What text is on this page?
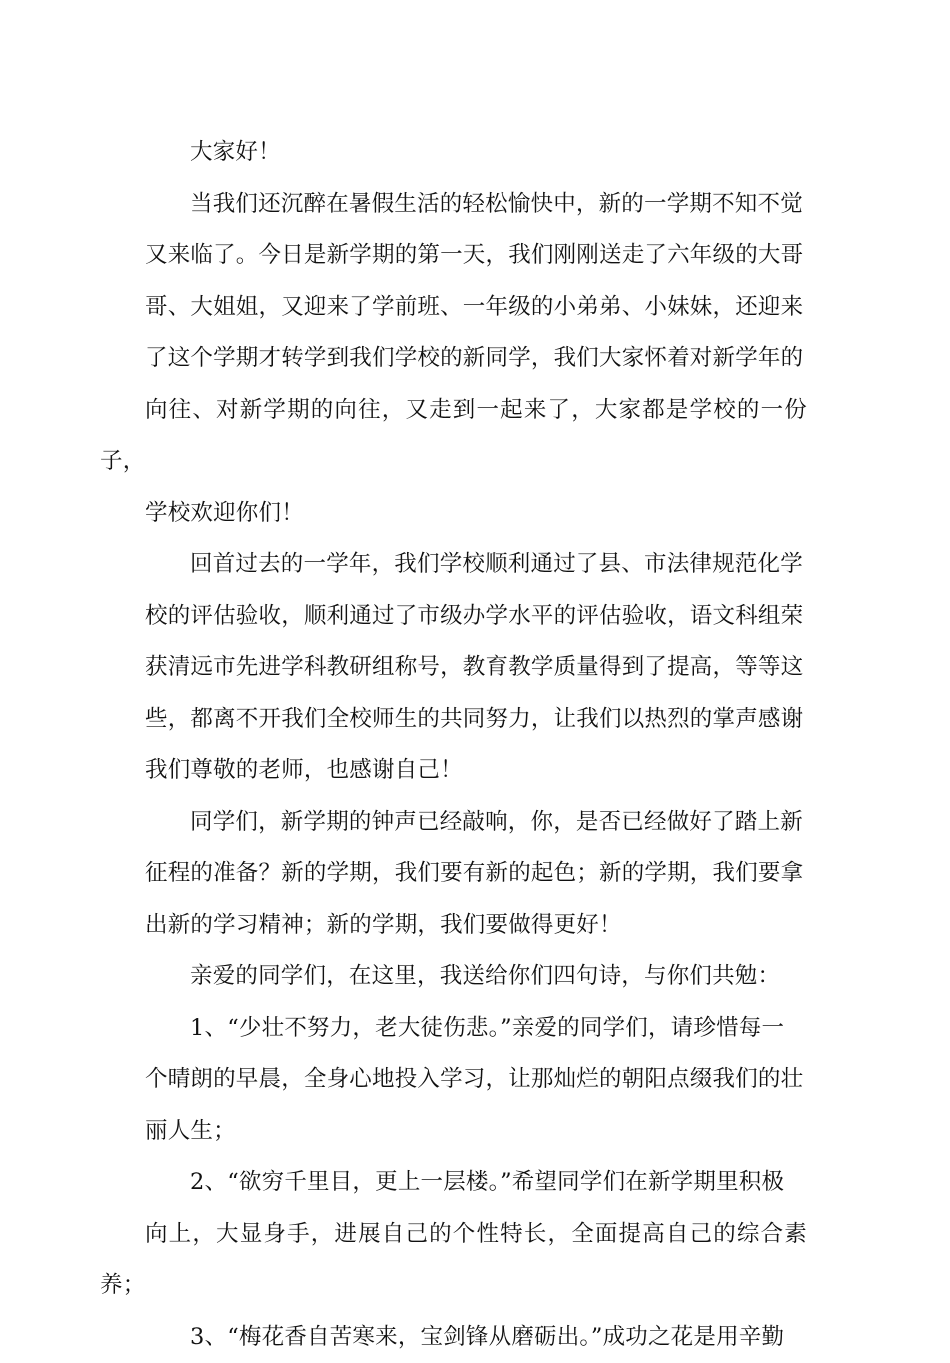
大家好！

当我们还沉醉在暑假生活的轻松愉快中，新的一学期不知不觉
又来临了。今日是新学期的第一天，我们刚刚送走了六年级的大哥
哥、大姐姐，又迎来了学前班、一年级的小弟弟、小妹妹，还迎来
了这个学期才转学到我们学校的新同学，我们大家怀着对新学年的
向往、对新学期的向往，又走到一起来了，大家都是学校的一份子，
学校欢迎你们！

回首过去的一学年，我们学校顺利通过了县、市法律规范化学
校的评估验收，顺利通过了市级办学水平的评估验收，语文科组荣
获清远市先进学科教研组称号，教育教学质量得到了提高，等等这
些，都离不开我们全校师生的共同努力，让我们以热烈的掌声感谢
我们尊敬的老师，也感谢自己！

同学们，新学期的钟声已经敲响，你，是否已经做好了踏上新
征程的准备？新的学期，我们要有新的起色；新的学期，我们要拿
出新的学习精神；新的学期，我们要做得更好！

亲爱的同学们，在这里，我送给你们四句诗，与你们共勉：

1、“少壮不努力，老大徒伤悲。”亲爱的同学们，请珍惜每一
个晴朗的早晨，全身心地投入学习，让那灿烂的朝阳点缀我们的壮
丽人生；

2、“欲穷千里目，更上一层楼。”希望同学们在新学期里积极
向上，大显身手，进展自己的个性特长，全面提高自己的综合素养；

3、“梅花香自苦寒来，宝剑锋从磨砺出。”成功之花是用辛勤
